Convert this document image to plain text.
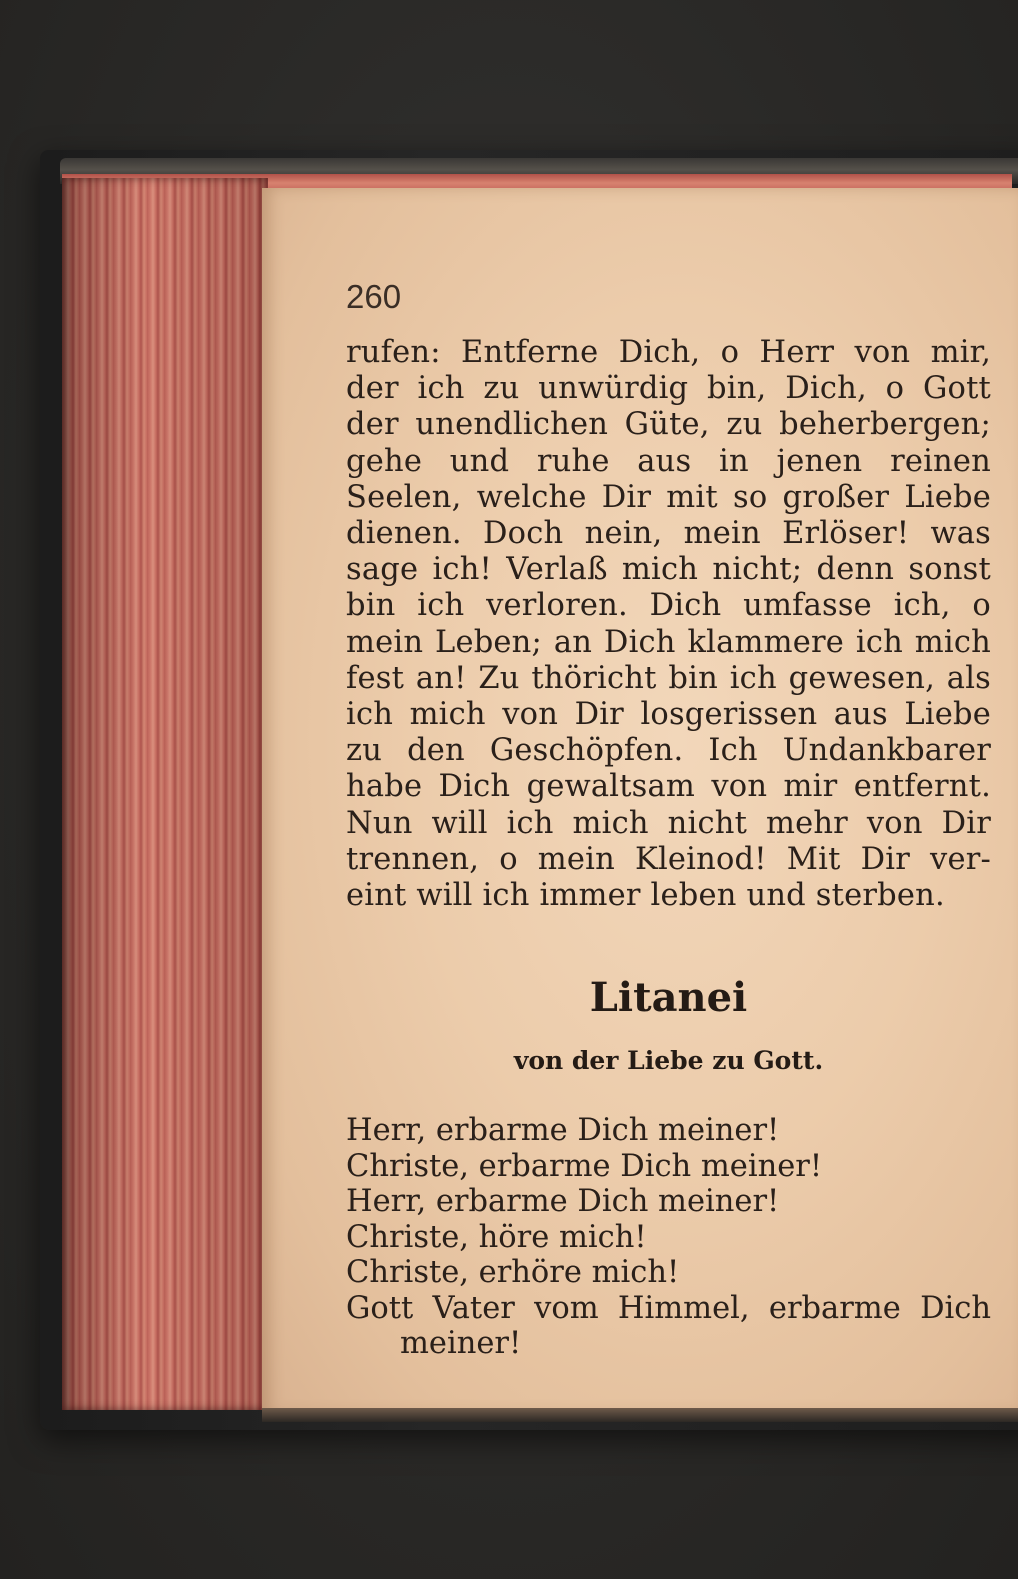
260
rufen: Entferne Dich, o Herr von mir,
der ich zu unwürdig bin, Dich, o Gott
der unendlichen Güte, zu beherbergen;
gehe und ruhe aus in jenen reinen
Seelen, welche Dir mit so großer Liebe
dienen. Doch nein, mein Erlöser! was
sage ich! Verlaß mich nicht; denn sonst
bin ich verloren. Dich umfasse ich, o
mein Leben; an Dich klammere ich mich
fest an! Zu thöricht bin ich gewesen, als
ich mich von Dir losgerissen aus Liebe
zu den Geschöpfen. Ich Undankbarer
habe Dich gewaltsam von mir entfernt.
Nun will ich mich nicht mehr von Dir
trennen, o mein Kleinod! Mit Dir ver-
eint will ich immer leben und sterben.
Litanei
von der Liebe zu Gott.
Herr, erbarme Dich meiner!
Christe, erbarme Dich meiner!
Herr, erbarme Dich meiner!
Christe, höre mich!
Christe, erhöre mich!
Gott Vater vom Himmel, erbarme Dich
meiner!
